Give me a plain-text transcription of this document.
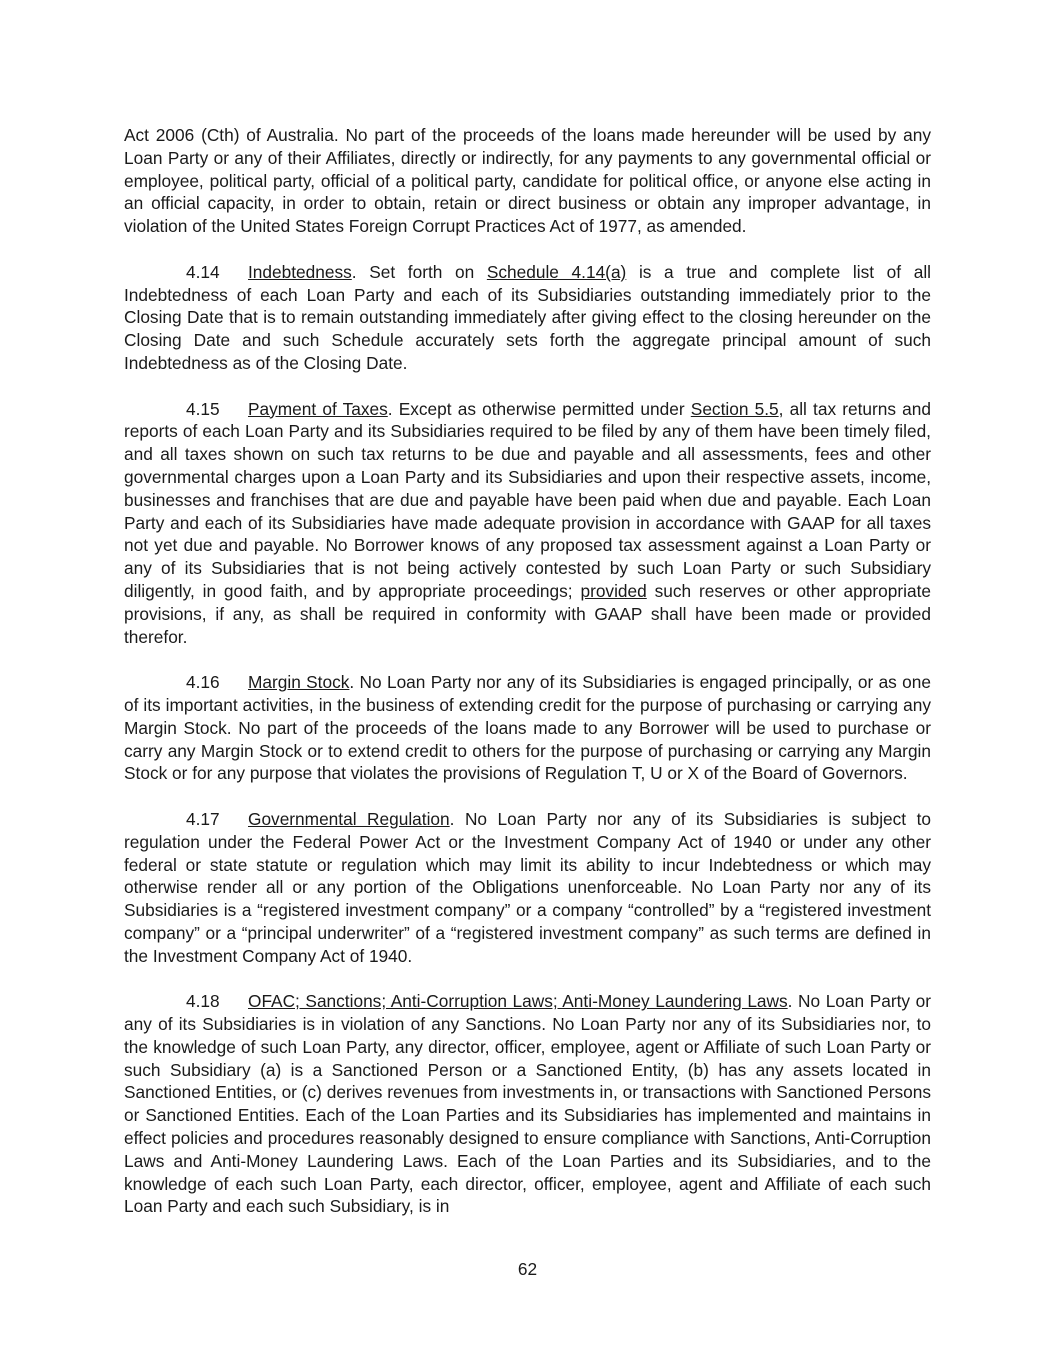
Act 2006 (Cth) of Australia. No part of the proceeds of the loans made hereunder will be used by any Loan Party or any of their Affiliates, directly or indirectly, for any payments to any governmental official or employee, political party, official of a political party, candidate for political office, or anyone else acting in an official capacity, in order to obtain, retain or direct business or obtain any improper advantage, in violation of the United States Foreign Corrupt Practices Act of 1977, as amended.

4.14 Indebtedness. Set forth on Schedule 4.14(a) is a true and complete list of all Indebtedness of each Loan Party and each of its Subsidiaries outstanding immediately prior to the Closing Date that is to remain outstanding immediately after giving effect to the closing hereunder on the Closing Date and such Schedule accurately sets forth the aggregate principal amount of such Indebtedness as of the Closing Date.

4.15 Payment of Taxes. Except as otherwise permitted under Section 5.5, all tax returns and reports of each Loan Party and its Subsidiaries required to be filed by any of them have been timely filed, and all taxes shown on such tax returns to be due and payable and all assessments, fees and other governmental charges upon a Loan Party and its Subsidiaries and upon their respective assets, income, businesses and franchises that are due and payable have been paid when due and payable. Each Loan Party and each of its Subsidiaries have made adequate provision in accordance with GAAP for all taxes not yet due and payable. No Borrower knows of any proposed tax assessment against a Loan Party or any of its Subsidiaries that is not being actively contested by such Loan Party or such Subsidiary diligently, in good faith, and by appropriate proceedings; provided such reserves or other appropriate provisions, if any, as shall be required in conformity with GAAP shall have been made or provided therefor.

4.16 Margin Stock. No Loan Party nor any of its Subsidiaries is engaged principally, or as one of its important activities, in the business of extending credit for the purpose of purchasing or carrying any Margin Stock. No part of the proceeds of the loans made to any Borrower will be used to purchase or carry any Margin Stock or to extend credit to others for the purpose of purchasing or carrying any Margin Stock or for any purpose that violates the provisions of Regulation T, U or X of the Board of Governors.

4.17 Governmental Regulation. No Loan Party nor any of its Subsidiaries is subject to regulation under the Federal Power Act or the Investment Company Act of 1940 or under any other federal or state statute or regulation which may limit its ability to incur Indebtedness or which may otherwise render all or any portion of the Obligations unenforceable. No Loan Party nor any of its Subsidiaries is a “registered investment company” or a company “controlled” by a “registered investment company” or a “principal underwriter” of a “registered investment company” as such terms are defined in the Investment Company Act of 1940.

4.18 OFAC; Sanctions; Anti-Corruption Laws; Anti-Money Laundering Laws. No Loan Party or any of its Subsidiaries is in violation of any Sanctions. No Loan Party nor any of its Subsidiaries nor, to the knowledge of such Loan Party, any director, officer, employee, agent or Affiliate of such Loan Party or such Subsidiary (a) is a Sanctioned Person or a Sanctioned Entity, (b) has any assets located in Sanctioned Entities, or (c) derives revenues from investments in, or transactions with Sanctioned Persons or Sanctioned Entities. Each of the Loan Parties and its Subsidiaries has implemented and maintains in effect policies and procedures reasonably designed to ensure compliance with Sanctions, Anti-Corruption Laws and Anti-Money Laundering Laws. Each of the Loan Parties and its Subsidiaries, and to the knowledge of each such Loan Party, each director, officer, employee, agent and Affiliate of each such Loan Party and each such Subsidiary, is in

62
